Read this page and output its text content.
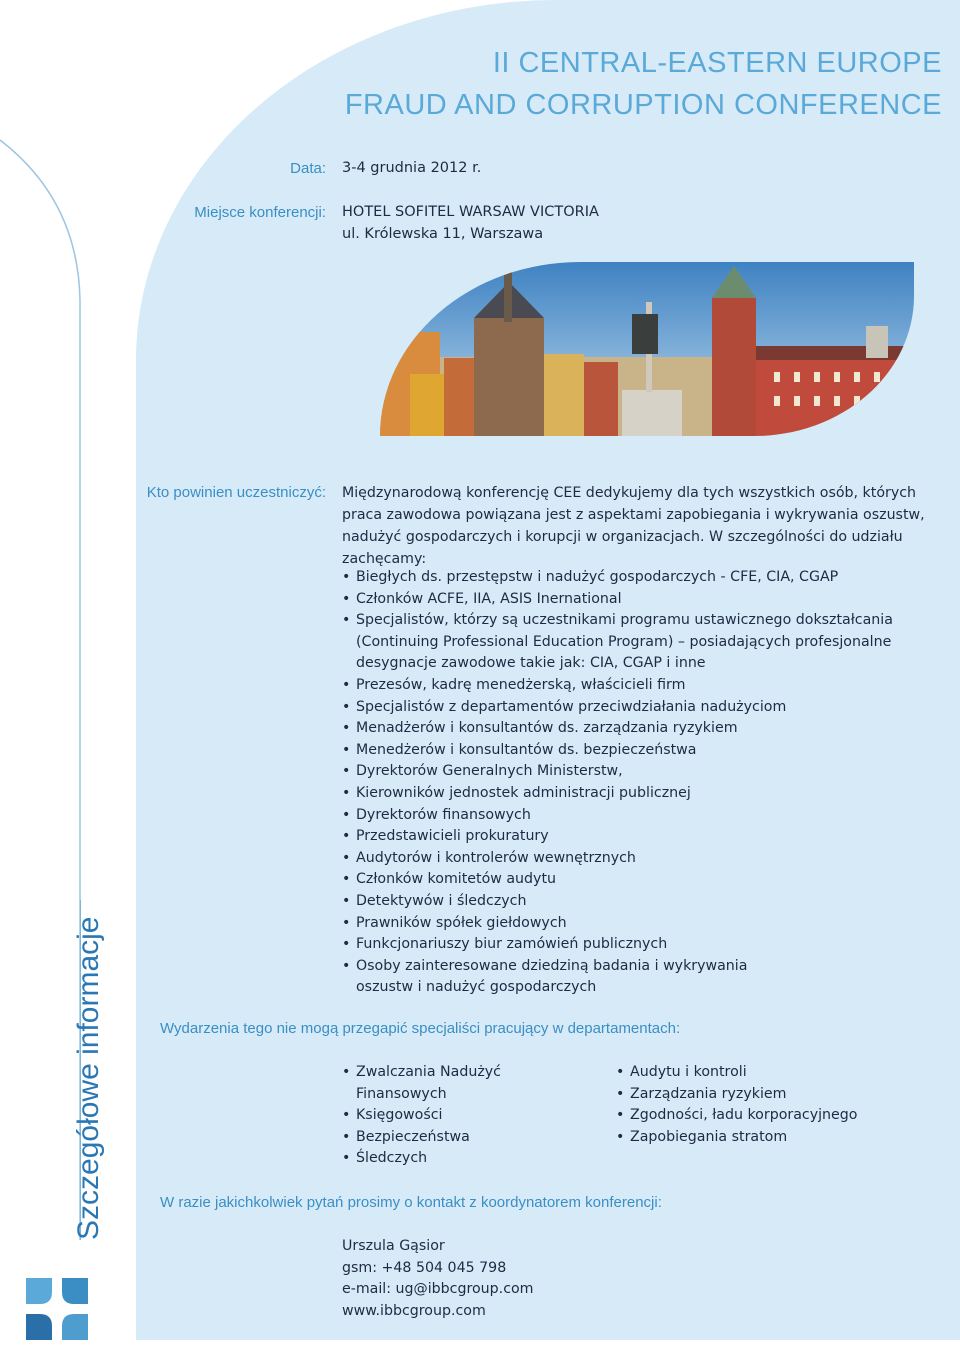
II CENTRAL-EASTERN EUROPE
FRAUD AND CORRUPTION CONFERENCE
Data: 3-4 grudnia 2012 r.
Miejsce konferencji: HOTEL SOFITEL WARSAW VICTORIA
ul. Królewska 11, Warszawa
Kto powinien uczestniczyć: Międzynarodową konferencję CEE dedykujemy dla tych wszystkich osób, których praca zawodowa powiązana jest z aspektami zapobiegania i wykrywania oszustw, nadużyć gospodarczych i korupcji w organizacjach. W szczególności do udziału zachęcamy:
• Biegłych ds. przestępstw i nadużyć gospodarczych - CFE, CIA, CGAP
• Członków ACFE, IIA, ASIS Inernational
• Specjalistów, którzy są uczestnikami programu ustawicznego dokształcania (Continuing Professional Education Program) – posiadających profesjonalne desygnacje zawodowe takie jak: CIA, CGAP i inne
• Prezesów, kadrę menedżerską, właścicieli firm
• Specjalistów z departamentów przeciwdziałania nadużyciom
• Menadżerów i konsultantów ds. zarządzania ryzykiem
• Menedżerów i konsultantów ds. bezpieczeństwa
• Dyrektorów Generalnych Ministerstw,
• Kierowników jednostek administracji publicznej
• Dyrektorów finansowych
• Przedstawicieli prokuratury
• Audytorów i kontrolerów wewnętrznych
• Członków komitetów audytu
• Detektywów i śledczych
• Prawników spółek giełdowych
• Funkcjonariuszy biur zamówień publicznych
• Osoby zainteresowane dziedziną badania i wykrywania oszustw i nadużyć gospodarczych
Wydarzenia tego nie mogą przegapić specjaliści pracujący w departamentach:
• Zwalczania Nadużyć Finansowych
• Księgowości
• Bezpieczeństwa
• Śledczych
• Audytu i kontroli
• Zarządzania ryzykiem
• Zgodności, ładu korporacyjnego
• Zapobiegania stratom
W razie jakichkolwiek pytań prosimy o kontakt z koordynatorem konferencji:
Urszula Gąsior
gsm: +48 504 045 798
e-mail: ug@ibbcgroup.com
www.ibbcgroup.com
Szczegółowe informacje
